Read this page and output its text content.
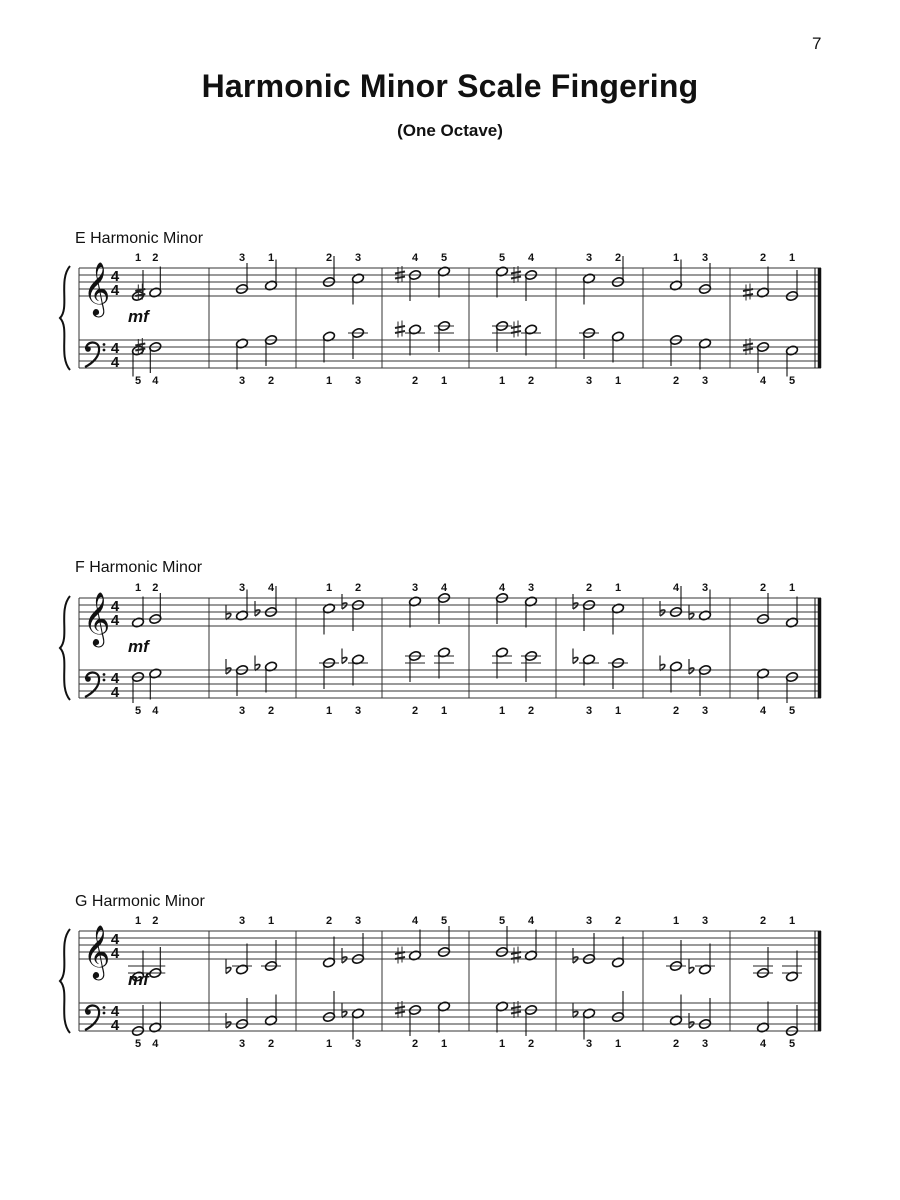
7
Harmonic Minor Scale Fingering
(One Octave)
E Harmonic Minor
𝄞 4
4
4
4
mf
1
5
2
4
3
3
1
2
2
1
3
3
4
2
5
1
5
1
4
2
3
3
2
1
1
2
3
3
2
4
1
5
F Harmonic Minor
𝄞 4
4
4
4
mf
1
5
2
4
3
3
4
2
1
1
2
3
3
2
4
1
4
1
3
2
2
3
1
1
4
2
3
3
2
4
1
5
G Harmonic Minor
𝄞 4
4
4
4
mf
1
5
2
4
3
3
1
2
2
1
3
3
4
2
5
1
5
1
4
2
3
3
2
1
1
2
3
3
2
4
1
5
